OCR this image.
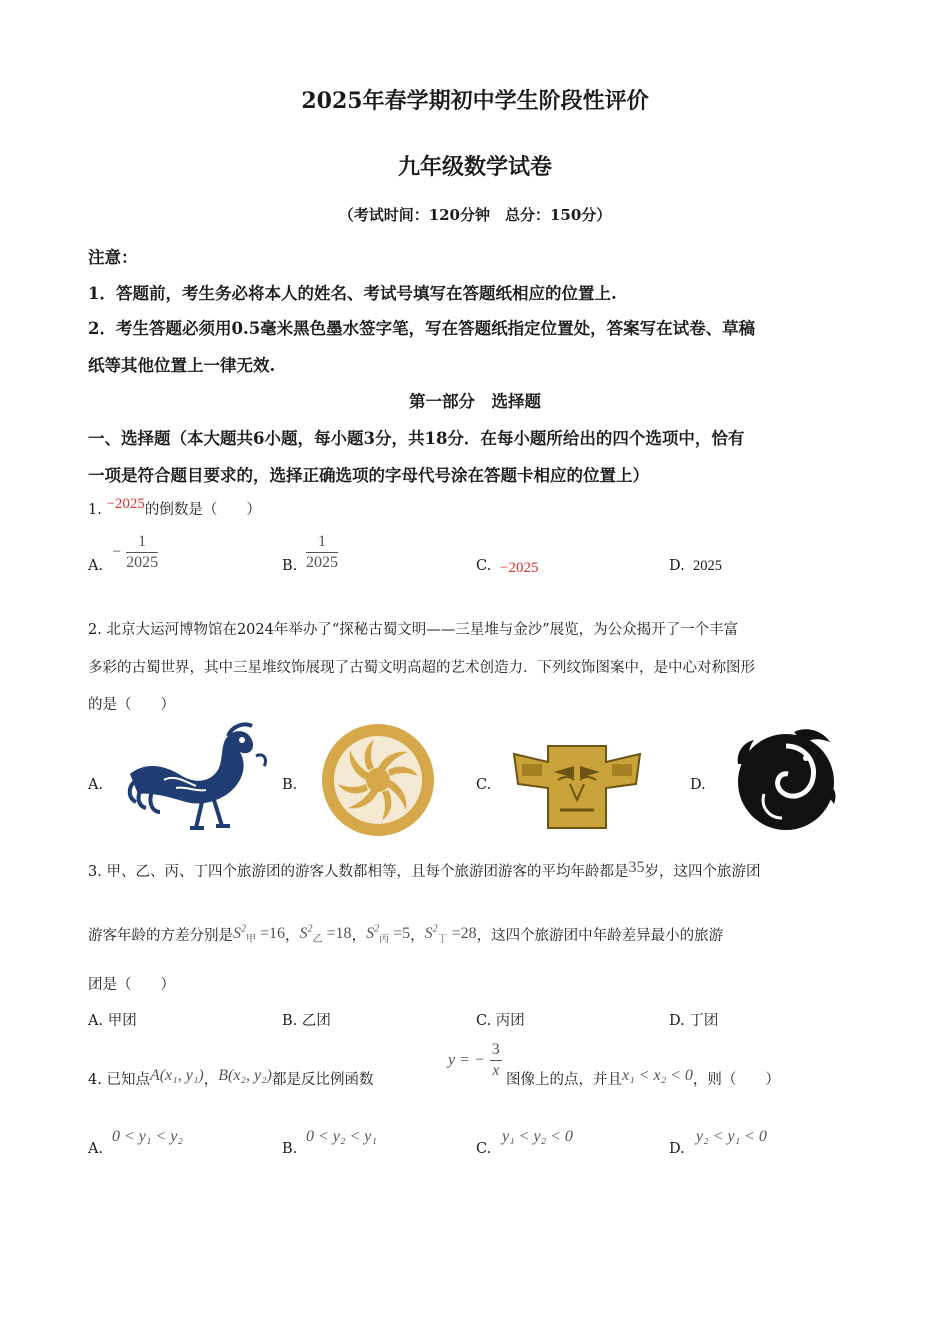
2025年春学期初中学生阶段性评价
九年级数学试卷
（考试时间：120分钟　总分：150分）
注意：
1．答题前，考生务必将本人的姓名、考试号填写在答题纸相应的位置上.
2．考生答题必须用0.5毫米黑色墨水签字笔，写在答题纸指定位置处，答案写在试卷、草稿
纸等其他位置上一律无效.
第一部分　选择题
一、选择题（本大题共6小题，每小题3分，共18分．在每小题所给出的四个选项中，恰有
一项是符合题目要求的，选择正确选项的字母代号涂在答题卡相应的位置上）
1. −2025的倒数是（　　）
A.
− $\frac{1}{2025}$	B. $\frac{1}{2025}$	C. −2025	D. 2025
2. 北京大运河博物馆在2024年举办了“探秘古蜀文明——三星堆与金沙”展览，为公众揭开了一个丰富
多彩的古蜀世界，其中三星堆纹饰展现了古蜀文明高超的艺术创造力．下列纹饰图案中，是中心对称图形
的是（　　）
A.	B.	C.	D.
3. 甲、乙、丙、丁四个旅游团的游客人数都相等，且每个旅游团游客的平均年龄都是35岁，这四个旅游团
游客年龄的方差分别是$S^2_甲 =16$，$S^2_乙 =18$，$S^2_丙 =5$，$S^2_丁 =28$，这四个旅游团中年龄差异最小的旅游
团是（　　）
A. 甲团	B. 乙团	C. 丙团	D. 丁团
4. 已知点A(x₁, y₁)，B(x₂, y₂)都是反比例函数
y = − $\frac{3}{x}$ 图像上的点，并且x₁ < x₂ < 0，则（　　）
A.
0 < y₁ < y₂
B.
0 < y₂ < y₁
C.
y₁ < y₂ < 0
D.
y₂ < y₁ < 0
